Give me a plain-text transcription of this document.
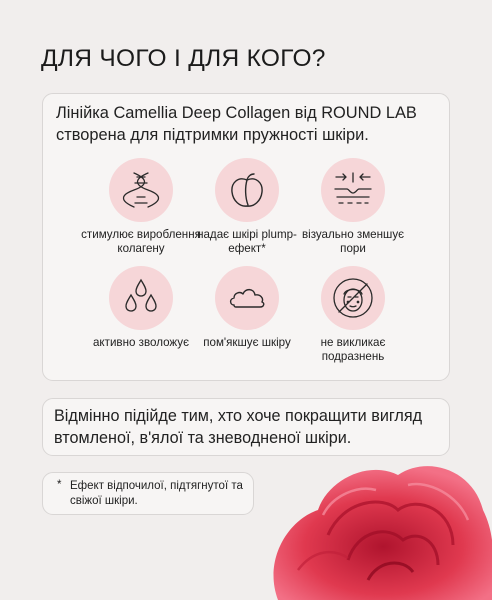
ДЛЯ ЧОГО І ДЛЯ КОГО?
Лінійка Camellia Deep Collagen від ROUND LAB створена для підтримки пружності шкіри.
стимулює вироблення колагену
надає шкірі plump-ефект*
візуально зменшує пори
активно зволожує	пом'якшує шкіру	не викликає подразнень
Відмінно підійде тим, хто хоче покращити вигляд втомленої, в'ялої та зневодненої шкіри.
* Ефект відпочилої, підтягнутої та свіжої шкіри.
